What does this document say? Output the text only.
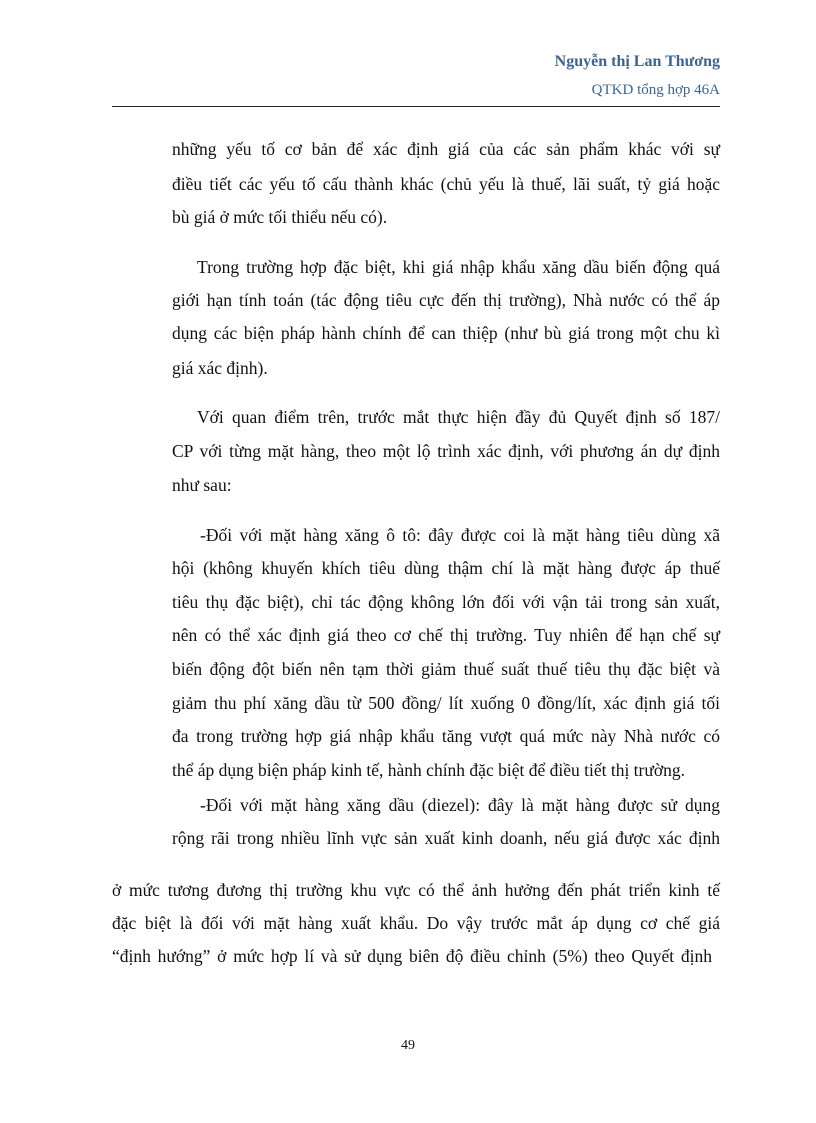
Nguyễn thị Lan Thương
QTKD tổng hợp 46A
những yếu tố cơ bản để xác định giá của các sản phẩm khác với sự
điều tiết các yếu tố cấu thành khác (chủ yếu là thuế, lãi suất, tỷ giá hoặc
bù giá ở mức tối thiểu nếu có).
Trong trường hợp đặc biệt, khi giá nhập khẩu xăng dầu biến động quá
giới hạn tính toán (tác động tiêu cực đến thị trường), Nhà nước có thể áp
dụng các biện pháp hành chính để can thiệp (như bù giá trong một chu kì
giá xác định).
Với quan điểm trên, trước mắt thực hiện đầy đủ Quyết định số 187/
CP với từng mặt hàng, theo một lộ trình xác định, với phương án dự định
như sau:
-Đối với mặt hàng xăng ô tô: đây được coi là mặt hàng tiêu dùng xã
hội (không khuyến khích tiêu dùng thậm chí là mặt hàng được áp thuế
tiêu thụ đặc biệt), chỉ tác động không lớn đối với vận tải trong sản xuất,
nên có thể xác định giá theo cơ chế thị trường. Tuy nhiên để hạn chế sự
biến động đột biến nên tạm thời giảm thuế suất thuế tiêu thụ đặc biệt và
giảm thu phí xăng dầu từ 500 đồng/ lít xuống 0 đồng/lít, xác định giá tối
đa trong trường hợp giá nhập khẩu tăng vượt quá mức này Nhà nước có
thể áp dụng biện pháp kinh tế, hành chính đặc biệt để điều tiết thị trường.
-Đối với mặt hàng xăng dầu (diezel): đây là mặt hàng được sử dụng
rộng rãi trong nhiều lĩnh vực sản xuất kinh doanh, nếu giá được xác định
ở mức tương đương thị trường khu vực có thể ảnh hưởng đến phát triển kinh tế
đặc biệt là đối với mặt hàng xuất khẩu. Do vậy trước mắt áp dụng cơ chế giá
“định hướng” ở mức hợp lí và sử dụng biên độ điều chỉnh (5%) theo Quyết định
49
